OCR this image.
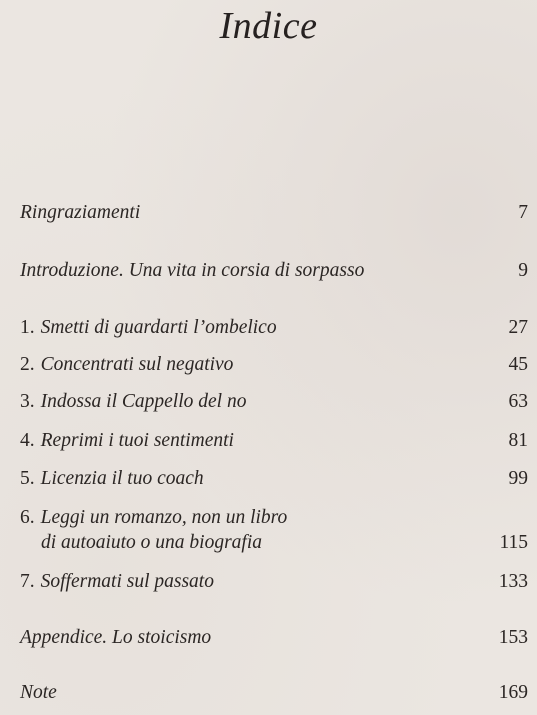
Indice
Ringraziamenti	7
Introduzione. Una vita in corsia di sorpasso	9
1. Smetti di guardarti l’ombelico	27
2. Concentrati sul negativo	45
3. Indossa il Cappello del no	63
4. Reprimi i tuoi sentimenti	81
5. Licenzia il tuo coach	99
6. Leggi un romanzo, non un libro
di autoaiuto o una biografia	115
7. Soffermati sul passato	133
Appendice. Lo stoicismo	153
Note	169
